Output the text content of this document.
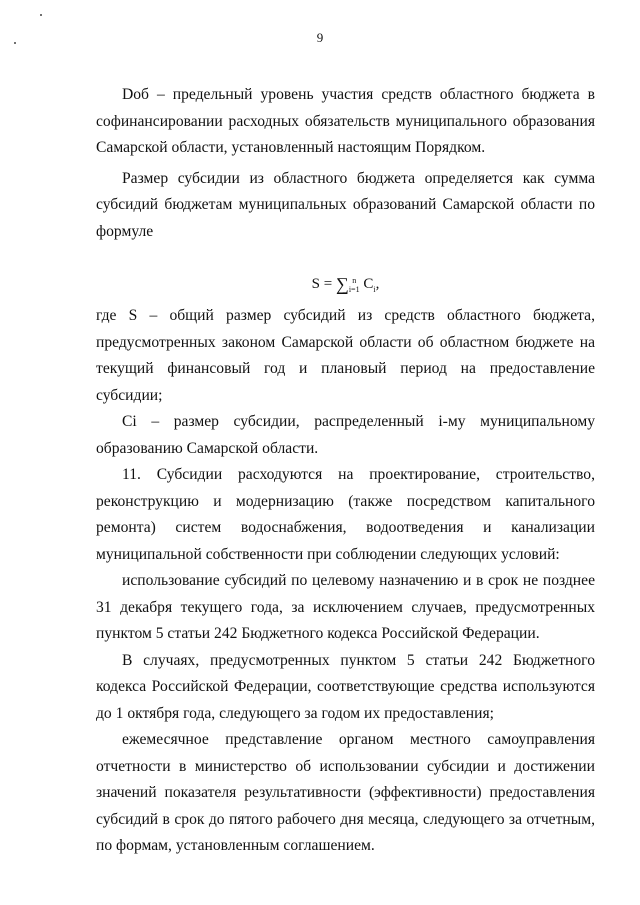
9

Dоб – предельный уровень участия средств областного бюджета в софинансировании расходных обязательств муниципального образования Самарской области, установленный настоящим Порядком.

Размер субсидии из областного бюджета определяется как сумма субсидий бюджетам муниципальных образований Самарской области по формуле

S = ∑ n
i=1 $C_i$,

где S – общий размер субсидий из средств областного бюджета, предусмотренных законом Самарской области об областном бюджете на текущий финансовый год и плановый период на предоставление субсидии;

Ci – размер субсидии, распределенный i-му муниципальному образованию Самарской области.

11. Субсидии расходуются на проектирование, строительство, реконструкцию и модернизацию (также посредством капитального ремонта) систем водоснабжения, водоотведения и канализации муниципальной собственности при соблюдении следующих условий:

использование субсидий по целевому назначению и в срок не позднее 31 декабря текущего года, за исключением случаев, предусмотренных пунктом 5 статьи 242 Бюджетного кодекса Российской Федерации.

В случаях, предусмотренных пунктом 5 статьи 242 Бюджетного кодекса Российской Федерации, соответствующие средства используются до 1 октября года, следующего за годом их предоставления;

ежемесячное представление органом местного самоуправления отчетности в министерство об использовании субсидии и достижении значений показателя результативности (эффективности) предоставления субсидий в срок до пятого рабочего дня месяца, следующего за отчетным, по формам, установленным соглашением.
